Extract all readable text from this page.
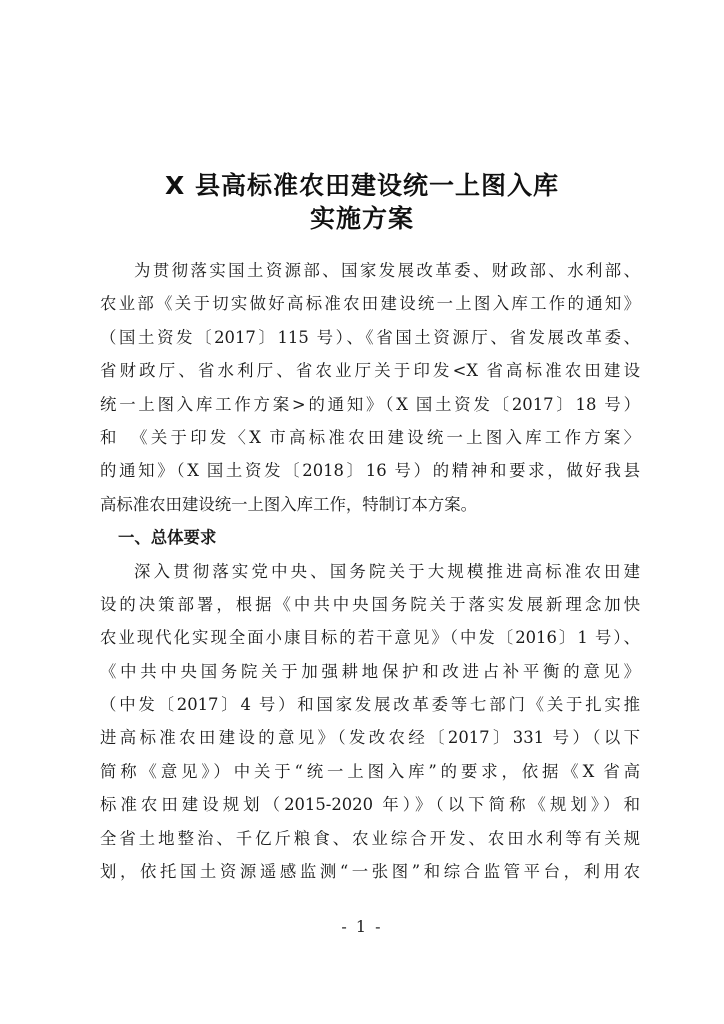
X 县高标准农田建设统一上图入库
实施方案
为贯彻落实国土资源部、国家发展改革委、财政部、水利部、
农业部《关于切实做好高标准农田建设统一上图入库工作的通知》
（国土资发〔2017〕115 号）、《省国土资源厅、省发展改革委、
省财政厅、省水利厅、省农业厅关于印发<X 省高标准农田建设
统一上图入库工作方案>的通知》（X 国土资发〔2017〕18 号）
和　《关于印发〈X 市高标准农田建设统一上图入库工作方案〉
的通知》（X 国土资发〔2018〕16 号）的精神和要求，做好我县
高标准农田建设统一上图入库工作，特制订本方案。
一、总体要求
深入贯彻落实党中央、国务院关于大规模推进高标准农田建
设的决策部署，根据《中共中央国务院关于落实发展新理念加快
农业现代化实现全面小康目标的若干意见》（中发〔2016〕1 号）、
《中共中央国务院关于加强耕地保护和改进占补平衡的意见》
（中发〔2017〕4 号）和国家发展改革委等七部门《关于扎实推
进高标准农田建设的意见》（发改农经〔2017〕331 号）（以下
简称《意见》）中关于“统一上图入库”的要求，依据《X 省高
标准农田建设规划（2015-2020 年）》（以下简称《规划》）和
全省土地整治、千亿斤粮食、农业综合开发、农田水利等有关规
划，依托国土资源遥感监测“一张图”和综合监管平台，利用农
- 1 -
